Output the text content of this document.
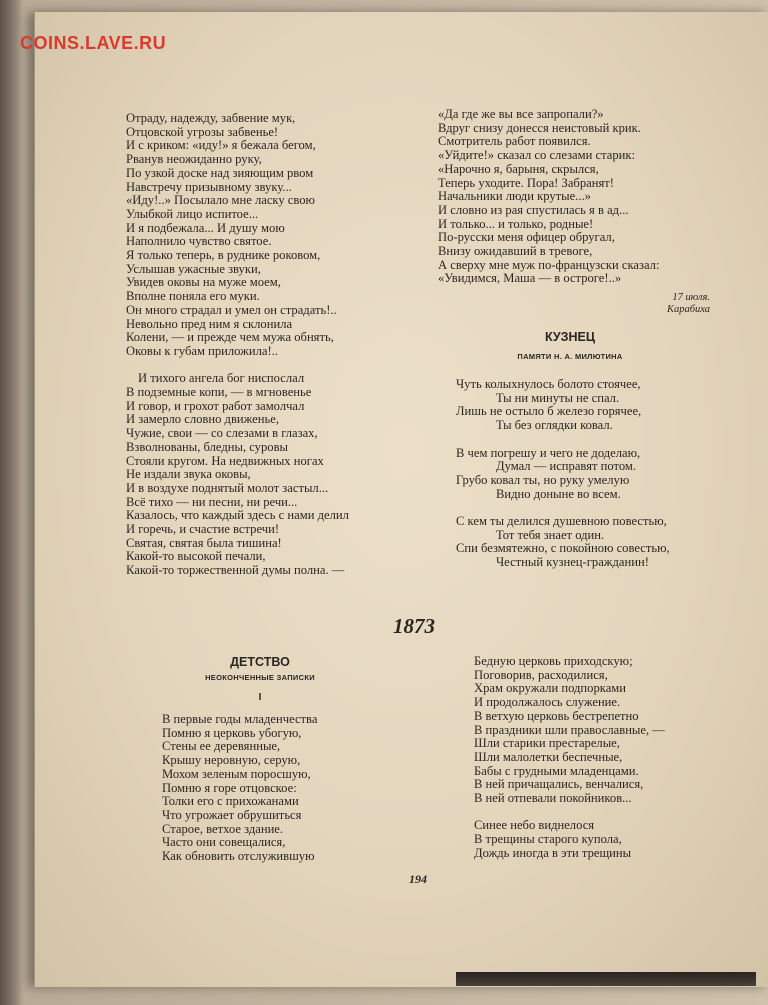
COINS.LAVE.RU
Отраду, надежду, забвение мук,
Отцовской угрозы забвенье!
И с криком: «иду!» я бежала бегом,
Рванув неожиданно руку,
По узкой доске над зияющим рвом
Навстречу призывному звуку...
«Иду!..» Посылало мне ласку свою
Улыбкой лицо испитое...
И я подбежала... И душу мою
Наполнило чувство святое.
Я только теперь, в руднике роковом,
Услышав ужасные звуки,
Увидев оковы на муже моем,
Вполне поняла его муки.
Он много страдал и умел он страдать!..
Невольно пред ним я склонила
Колени, — и прежде чем мужа обнять,
Оковы к губам приложила!..
И тихого ангела бог ниспослал
В подземные копи, — в мгновенье
И говор, и грохот работ замолчал
И замерло словно движенье,
Чужие, свои — со слезами в глазах,
Взволнованы, бледны, суровы
Стояли кругом. На недвижных ногах
Не издали звука оковы,
И в воздухе поднятый молот застыл...
Всё тихо — ни песни, ни речи...
Казалось, что каждый здесь с нами делил
И горечь, и счастие встречи!
Святая, святая была тишина!
Какой-то высокой печали,
Какой-то торжественной думы полна. —
«Да где же вы все запропали?»
Вдруг снизу донесся неистовый крик.
Смотритель работ появился.
«Уйдите!» сказал со слезами старик:
«Нарочно я, барыня, скрылся,
Теперь уходите. Пора! Забранят!
Начальники люди крутые...»
И словно из рая спустилась я в ад...
И только... и только, родные!
По-русски меня офицер обругал,
Внизу ожидавший в тревоге,
А сверху мне муж по-французски сказал:
«Увидимся, Маша — в остроге!..»
17 июля.
Карабиха
КУЗНЕЦ
ПАМЯТИ Н. А. МИЛЮТИНА
Чуть колыхнулось болото стоячее,
Ты ни минуты не спал.
Лишь не остыло б железо горячее,
Ты без оглядки ковал.
В чем погрешу и чего не доделаю,
Думал — исправят потом.
Грубо ковал ты, но руку умелую
Видно доныне во всем.
С кем ты делился душевною повестью,
Тот тебя знает один.
Спи безмятежно, с покойною совестью,
Честный кузнец-гражданин!
1873
ДЕТСТВО
НЕОКОНЧЕННЫЕ ЗАПИСКИ
I
В первые годы младенчества
Помню я церковь убогую,
Стены ее деревянные,
Крышу неровную, серую,
Мохом зеленым поросшую,
Помню я горе отцовское:
Толки его с прихожанами
Что угрожает обрушиться
Старое, ветхое здание.
Часто они совещалися,
Как обновить отслужившую
Бедную церковь приходскую;
Поговорив, расходилися,
Храм окружали подпорками
И продолжалось служение.
В ветхую церковь бестрепетно
В праздники шли православные, —
Шли старики престарелые,
Шли малолетки беспечные,
Бабы с грудными младенцами.
В ней причащались, венчалися,
В ней отпевали покойников...
Синее небо виднелося
В трещины старого купола,
Дождь иногда в эти трещины
194
